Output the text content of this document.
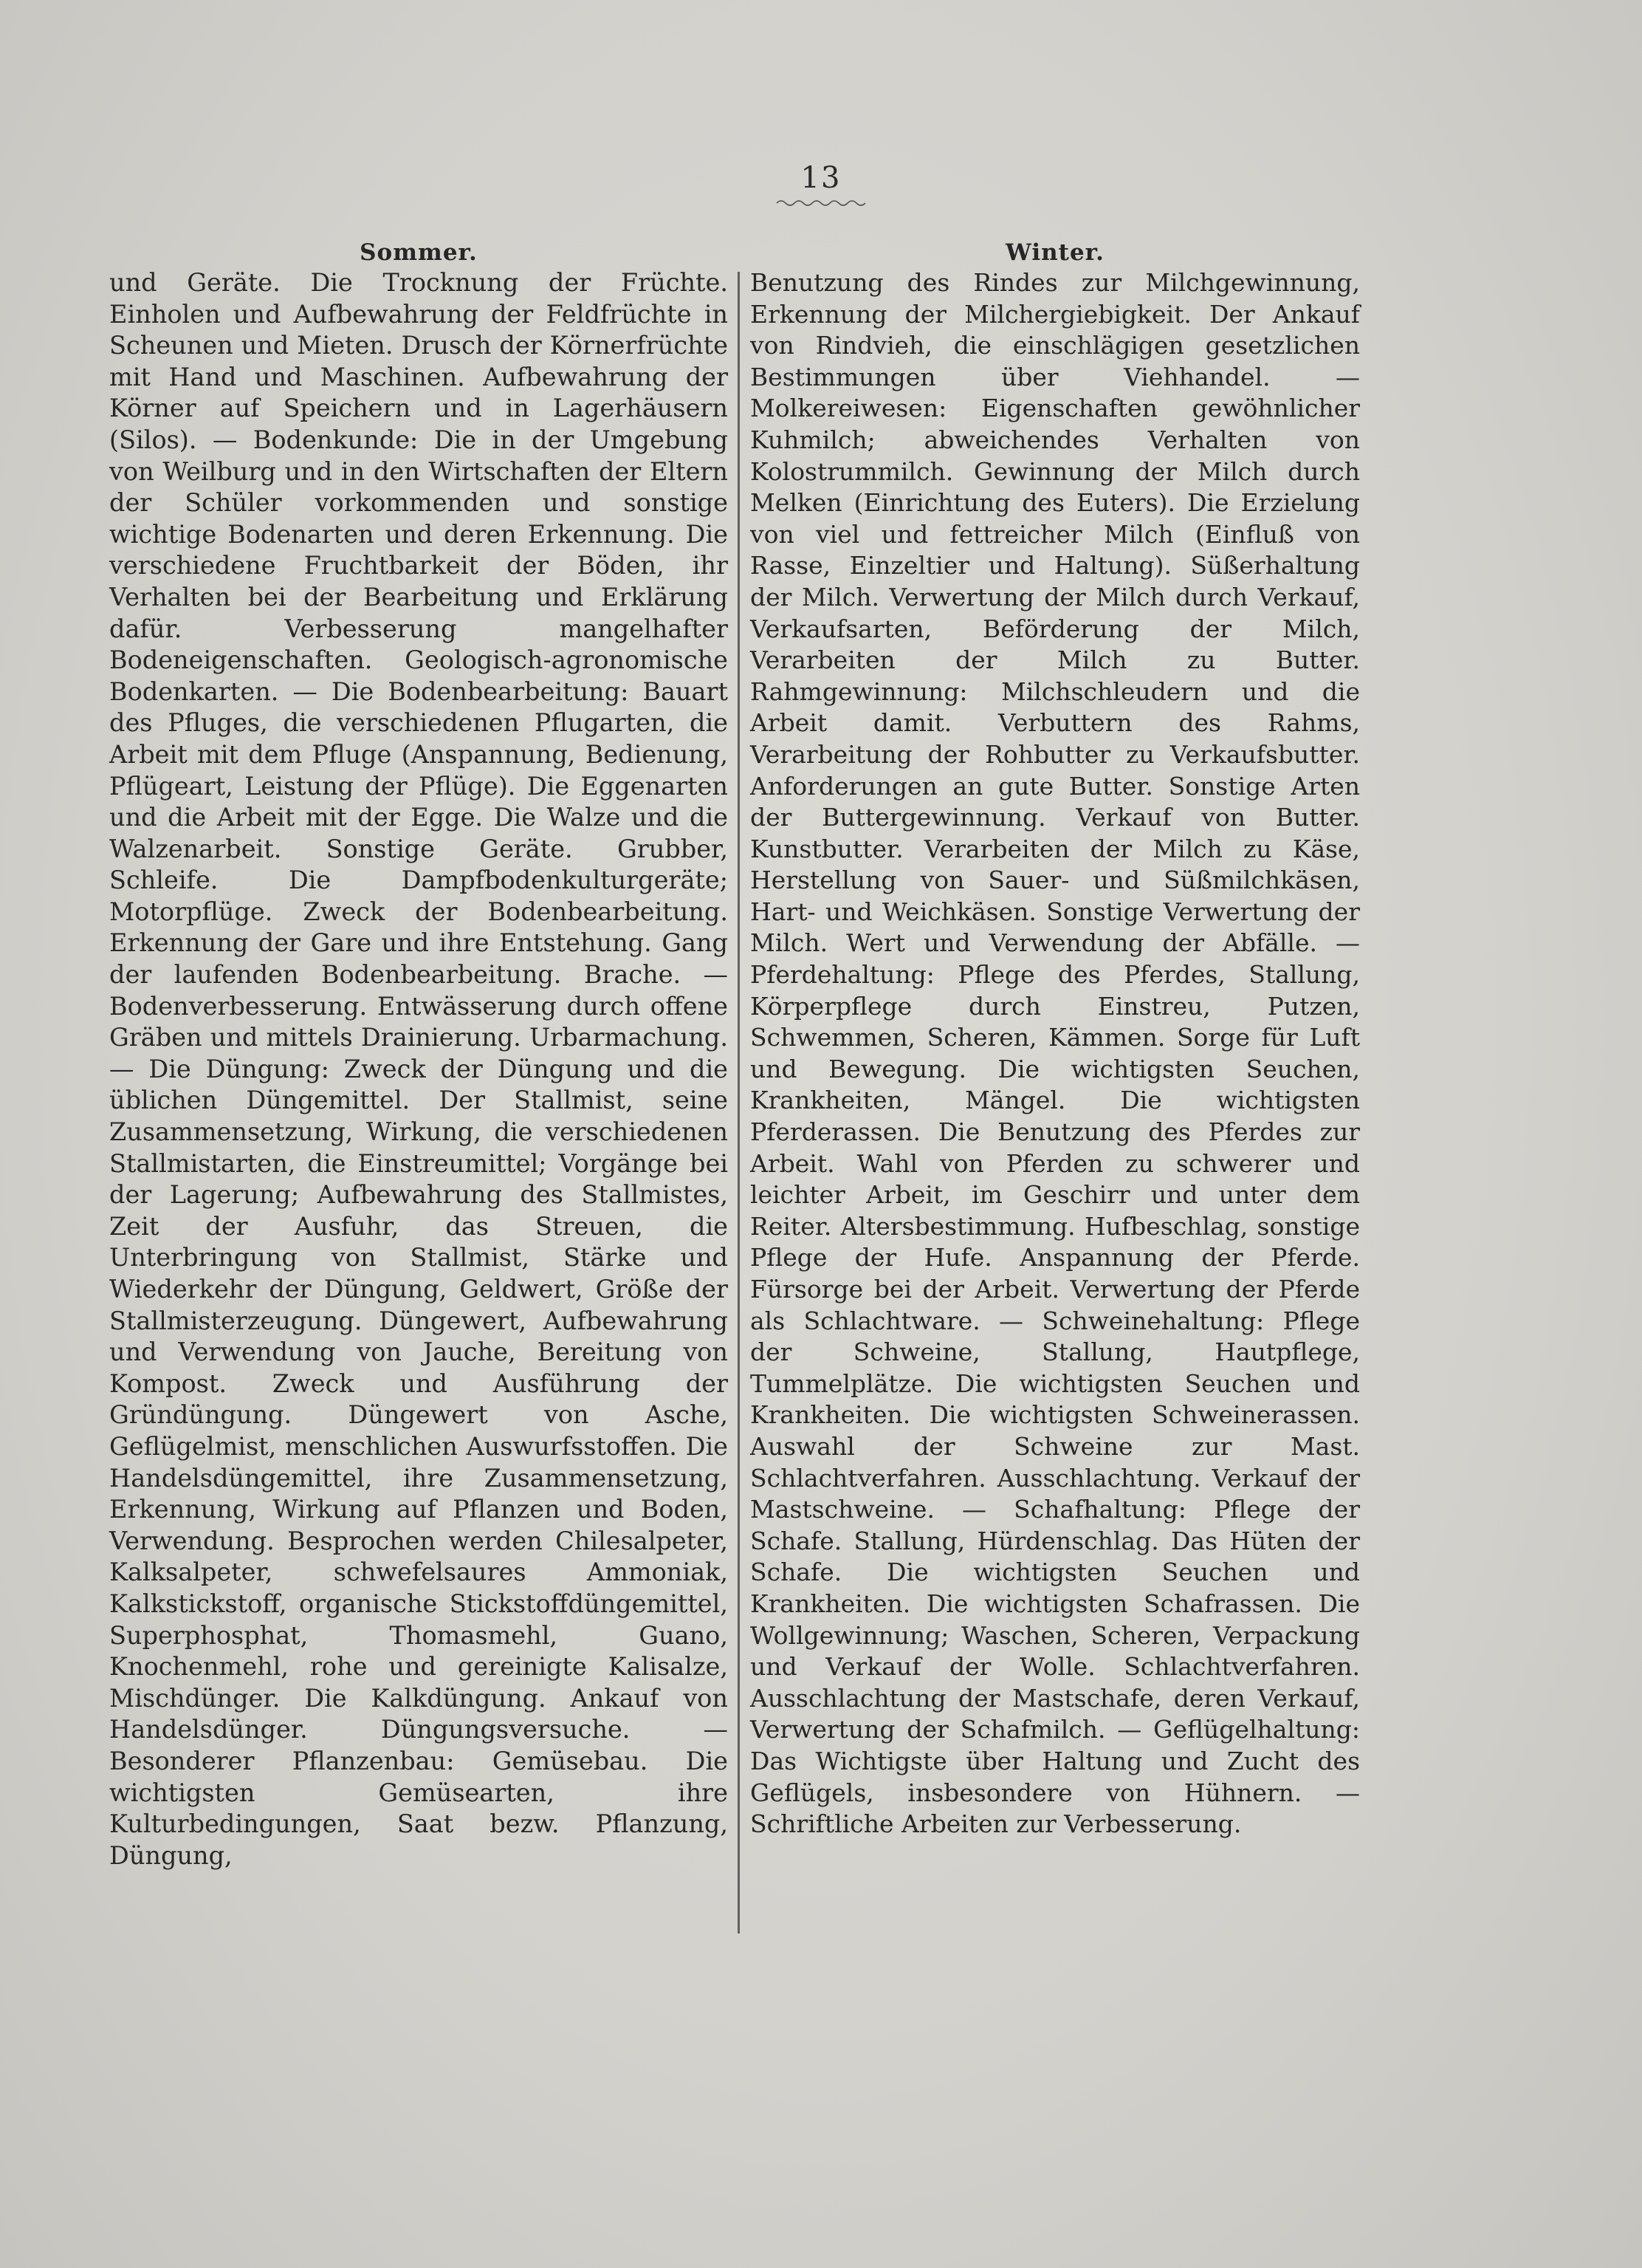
13
Sommer.

und Geräte. Die Trocknung der Früchte. Einholen und Aufbewahrung der Feldfrüchte in Scheunen und Mieten. Drusch der Körnerfrüchte mit Hand und Maschinen. Aufbewahrung der Körner auf Speichern und in Lagerhäusern (Silos). — Bodenkunde: Die in der Umgebung von Weilburg und in den Wirtschaften der Eltern der Schüler vorkommenden und sonstige wichtige Bodenarten und deren Erkennung. Die verschiedene Fruchtbarkeit der Böden, ihr Verhalten bei der Bearbeitung und Erklärung dafür. Verbesserung mangelhafter Bodeneigenschaften. Geologisch-agronomische Bodenkarten. — Die Bodenbearbeitung: Bauart des Pfluges, die verschiedenen Pflugarten, die Arbeit mit dem Pfluge (Anspannung, Bedienung, Pflügeart, Leistung der Pflüge). Die Eggenarten und die Arbeit mit der Egge. Die Walze und die Walzenarbeit. Sonstige Geräte. Grubber, Schleife. Die Dampfbodenkulturgeräte; Motorpflüge. Zweck der Bodenbearbeitung. Erkennung der Gare und ihre Entstehung. Gang der laufenden Bodenbearbeitung. Brache. — Bodenverbesserung. Entwässerung durch offene Gräben und mittels Drainierung. Urbarmachung. — Die Düngung: Zweck der Düngung und die üblichen Düngemittel. Der Stallmist, seine Zusammensetzung, Wirkung, die verschiedenen Stallmistarten, die Einstreumittel; Vorgänge bei der Lagerung; Aufbewahrung des Stallmistes, Zeit der Ausfuhr, das Streuen, die Unterbringung von Stallmist, Stärke und Wiederkehr der Düngung, Geldwert, Größe der Stallmisterzeugung. Düngewert, Aufbewahrung und Verwendung von Jauche, Bereitung von Kompost. Zweck und Ausführung der Gründüngung. Düngewert von Asche, Geflügelmist, menschlichen Auswurfsstoffen. Die Handelsdüngemittel, ihre Zusammensetzung, Erkennung, Wirkung auf Pflanzen und Boden, Verwendung. Besprochen werden Chilesalpeter, Kalksalpeter, schwefelsaures Ammoniak, Kalkstickstoff, organische Stickstoffdüngemittel, Superphosphat, Thomasmehl, Guano, Knochenmehl, rohe und gereinigte Kalisalze, Mischdünger. Die Kalkdüngung. Ankauf von Handelsdünger. Düngungsversuche. — Besonderer Pflanzenbau: Gemüsebau. Die wichtigsten Gemüsearten, ihre Kulturbedingungen, Saat bezw. Pflanzung, Düngung,

Winter.

Benutzung des Rindes zur Milchgewinnung, Erkennung der Milchergiebigkeit. Der Ankauf von Rindvieh, die einschlägigen gesetzlichen Bestimmungen über Viehhandel. — Molkereiwesen: Eigenschaften gewöhnlicher Kuhmilch; abweichendes Verhalten von Kolostrummilch. Gewinnung der Milch durch Melken (Einrichtung des Euters). Die Erzielung von viel und fettreicher Milch (Einfluß von Rasse, Einzeltier und Haltung). Süßerhaltung der Milch. Verwertung der Milch durch Verkauf, Verkaufsarten, Beförderung der Milch, Verarbeiten der Milch zu Butter. Rahmgewinnung: Milchschleudern und die Arbeit damit. Verbuttern des Rahms, Verarbeitung der Rohbutter zu Verkaufsbutter. Anforderungen an gute Butter. Sonstige Arten der Buttergewinnung. Verkauf von Butter. Kunstbutter. Verarbeiten der Milch zu Käse, Herstellung von Sauer- und Süßmilchkäsen, Hart- und Weichkäsen. Sonstige Verwertung der Milch. Wert und Verwendung der Abfälle. — Pferdehaltung: Pflege des Pferdes, Stallung, Körperpflege durch Einstreu, Putzen, Schwemmen, Scheren, Kämmen. Sorge für Luft und Bewegung. Die wichtigsten Seuchen, Krankheiten, Mängel. Die wichtigsten Pferderassen. Die Benutzung des Pferdes zur Arbeit. Wahl von Pferden zu schwerer und leichter Arbeit, im Geschirr und unter dem Reiter. Altersbestimmung. Hufbeschlag, sonstige Pflege der Hufe. Anspannung der Pferde. Fürsorge bei der Arbeit. Verwertung der Pferde als Schlachtware. — Schweinehaltung: Pflege der Schweine, Stallung, Hautpflege, Tummelplätze. Die wichtigsten Seuchen und Krankheiten. Die wichtigsten Schweinerassen. Auswahl der Schweine zur Mast. Schlachtverfahren. Ausschlachtung. Verkauf der Mastschweine. — Schafhaltung: Pflege der Schafe. Stallung, Hürdenschlag. Das Hüten der Schafe. Die wichtigsten Seuchen und Krankheiten. Die wichtigsten Schafrassen. Die Wollgewinnung; Waschen, Scheren, Verpackung und Verkauf der Wolle. Schlachtverfahren. Ausschlachtung der Mastschafe, deren Verkauf, Verwertung der Schafmilch. — Geflügelhaltung: Das Wichtigste über Haltung und Zucht des Geflügels, insbesondere von Hühnern. — Schriftliche Arbeiten zur Verbesserung.
